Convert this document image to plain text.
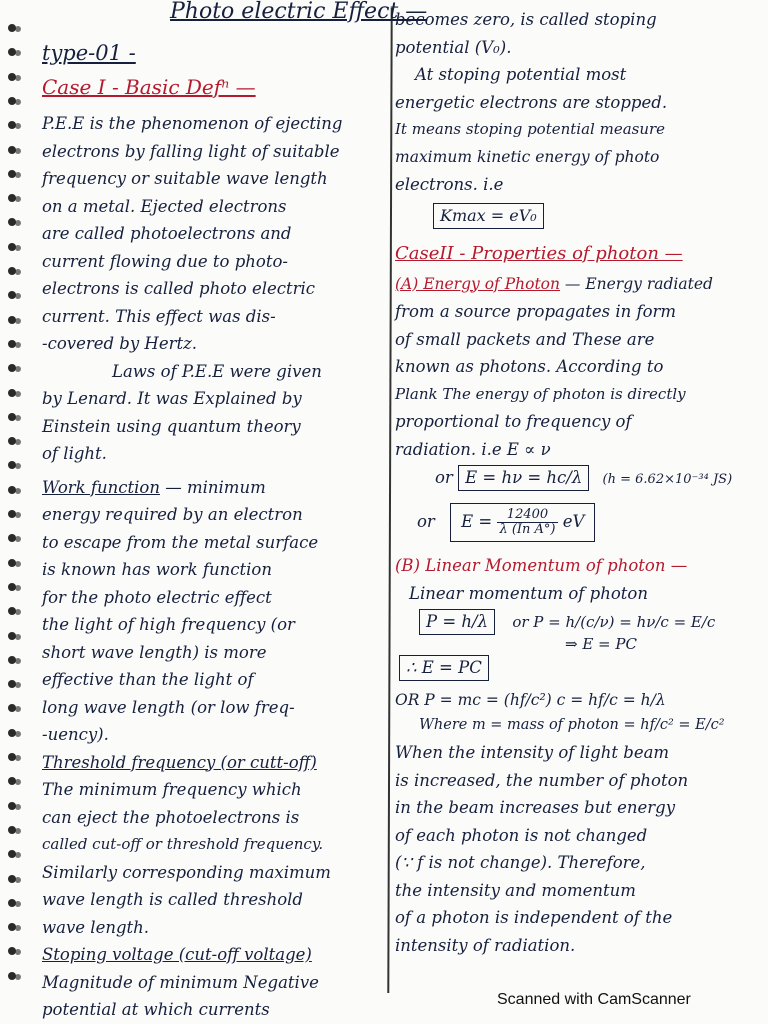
Photo electric Effect —
type-01 -
Case I - Basic Defⁿ —
P.E.E is the phenomenon of ejecting
electrons by falling light of suitable
frequency or suitable wave length
on a metal. Ejected electrons
are called photoelectrons and
current flowing due to photo-
electrons is called photo electric
current. This effect was dis-
-covered by Hertz.
Laws of P.E.E were given
by Lenard. It was Explained by
Einstein using quantum theory
of light.
Work function — minimum
energy required by an electron
to escape from the metal surface
is known has work function
for the photo electric effect
the light of high frequency (or
short wave length) is more
effective than the light of
long wave length (or low freq-
-uency).
Threshold frequency (or cutt-off)
The minimum frequency which
can eject the photoelectrons is
called cut-off or threshold frequency.
Similarly corresponding maximum
wave length is called threshold
wave length.
Stoping voltage (cut-off voltage)
Magnitude of minimum Negative
potential at which currents
becomes zero, is called stoping
potential (V₀).
At stoping potential most
energetic electrons are stopped.
It means stoping potential measure
maximum kinetic energy of photo
electrons. i.e
Kmax = eV₀
CaseII - Properties of photon —
(A) Energy of Photon — Energy radiated
from a source propagates in form
of small packets and These are
known as photons. According to
Plank The energy of photon is directly
proportional to frequency of
radiation. i.e E ∝ ν
or E = hν = hc/λ (h = 6.62×10⁻³⁴ JS)
or $E = \frac{12400}{\text{λ (In A°)}}$ eV
(B) Linear Momentum of photon —
Linear momentum of photon
P = h/λ or P = h/(c/ν) = hν/c = E/c
⇒ E = PC
∴ E = PC
OR P = mc = (hf/c²) c = hf/c = h/λ
Where m = mass of photon = hf/c² = E/c²
When the intensity of light beam
is increased, the number of photon
in the beam increases but energy
of each photon is not changed
(∵ f is not change). Therefore,
the intensity and momentum
of a photon is independent of the
intensity of radiation.
Scanned with CamScanner
